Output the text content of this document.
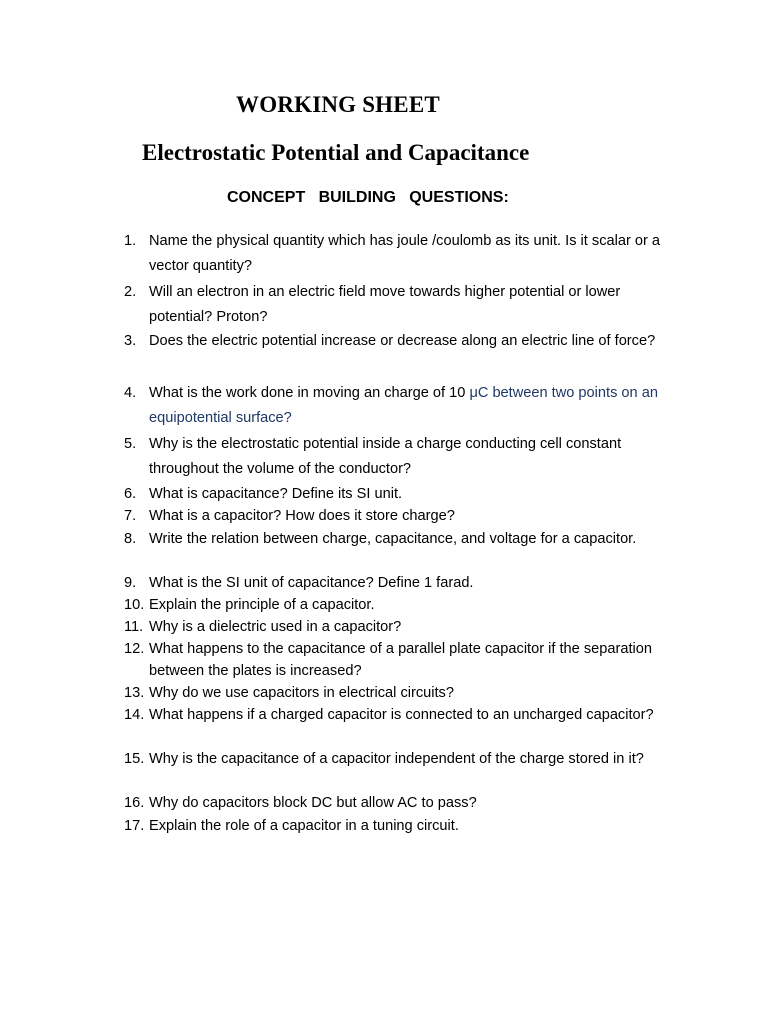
WORKING SHEET
Electrostatic Potential and Capacitance
CONCEPT   BUILDING   QUESTIONS:
1. Name the physical quantity which has joule /coulomb as its unit. Is it scalar or a vector quantity?
2. Will an electron in an electric field move towards higher potential or lower potential? Proton?
3. Does the electric potential increase or decrease along an electric line of force?
4. What is the work done in moving an charge of 10 μC between two points on an equipotential surface?
5. Why is the electrostatic potential inside a charge conducting cell constant throughout the volume of the conductor?
6. What is capacitance? Define its SI unit.
7. What is a capacitor? How does it store charge?
8. Write the relation between charge, capacitance, and voltage for a capacitor.
9. What is the SI unit of capacitance? Define 1 farad.
10. Explain the principle of a capacitor.
11. Why is a dielectric used in a capacitor?
12. What happens to the capacitance of a parallel plate capacitor if the separation between the plates is increased?
13. Why do we use capacitors in electrical circuits?
14. What happens if a charged capacitor is connected to an uncharged capacitor?
15. Why is the capacitance of a capacitor independent of the charge stored in it?
16. Why do capacitors block DC but allow AC to pass?
17. Explain the role of a capacitor in a tuning circuit.
